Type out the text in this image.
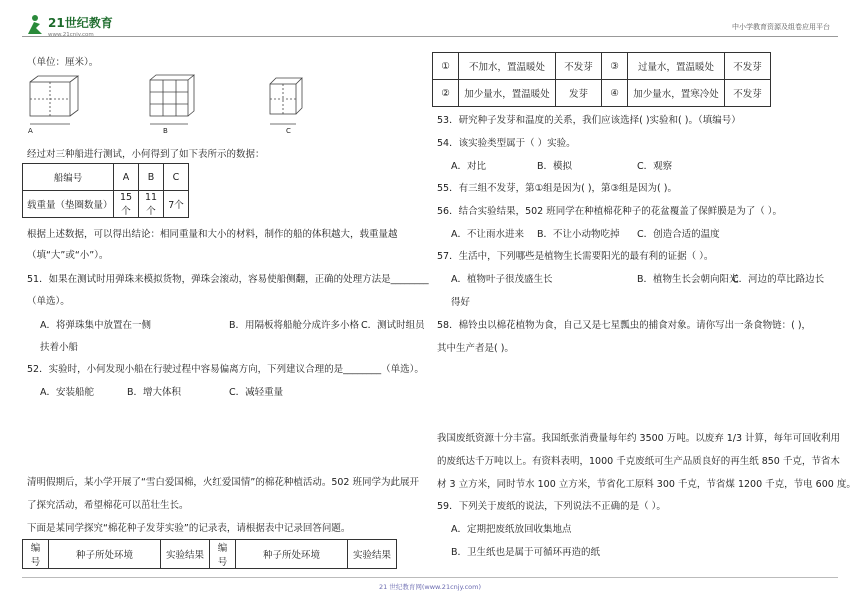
21世纪教育
www.21cnjy.com
中小学教育资源及组卷应用平台
（单位：厘米）。
A	B	C
经过对三种船进行测试，小何得到了如下表所示的数据：
船编号	A	B	C
载重量（垫圈数量）	15个	11个	7个
根据上述数据，可以得出结论：相同重量和大小的材料，制作的船的体积越大，载重量越
（填“大”或“小”）。
51．如果在测试时用弹珠来模拟货物，弹珠会滚动，容易使船侧翻，正确的处理方法是________
（单选）。
A．将弹珠集中放置在一侧	B．用隔板将船舱分成许多小格 C．测试时组员
扶着小船
52．实验时，小何发现小船在行驶过程中容易偏离方向，下列建议合理的是________（单选）。
A．安装船舵	B．增大体积	C．减轻重量
清明假期后，某小学开展了“雪白爱国棉，火红爱国情”的棉花种植活动。502 班同学为此展开
了探究活动，希望棉花可以茁壮生长。
下面是某同学探究“棉花种子发芽实验”的记录表，请根据表中记录回答问题。
编号	种子所处环境	实验结果	编号	种子所处环境	实验结果
①	不加水，置温暖处	不发芽	③	过量水，置温暖处	不发芽
②	加少量水，置温暖处	发芽	④	加少量水，置寒冷处	不发芽
53．研究种子发芽和温度的关系，我们应该选择( )实验和( )。（填编号）
54．该实验类型属于（ ）实验。
A．对比	B．模拟	C．观察
55．有三组不发芽，第①组是因为( )，第③组是因为( )。
56．结合实验结果，502 班同学在种植棉花种子的花盆覆盖了保鲜膜是为了（ ）。
A．不让雨水进来 B．不让小动物吃掉 C．创造合适的温度
57．生活中，下列哪些是植物生长需要阳光的最有利的证据（ ）。
A．植物叶子很茂盛生长	B．植物生长会朝向阳光
C．河边的草比路边长
得好
58．棉铃虫以棉花植物为食，自己又是七星瓢虫的捕食对象。请你写出一条食物链：( )，
其中生产者是( )。
我国废纸资源十分丰富。我国纸张消费量每年约 3500 万吨。以废弃 1/3 计算，每年可回收利用
的废纸达千万吨以上。有资料表明，1000 千克废纸可生产品质良好的再生纸 850 千克，节省木
材 3 立方米，同时节水 100 立方米，节省化工原料 300 千克，节省煤 1200 千克，节电 600 度。
59．下列关于废纸的说法，下列说法不正确的是（ ）。
A．定期把废纸放回收集地点
B．卫生纸也是属于可循环再造的纸
21 世纪教育网(www.21cnjy.com)
